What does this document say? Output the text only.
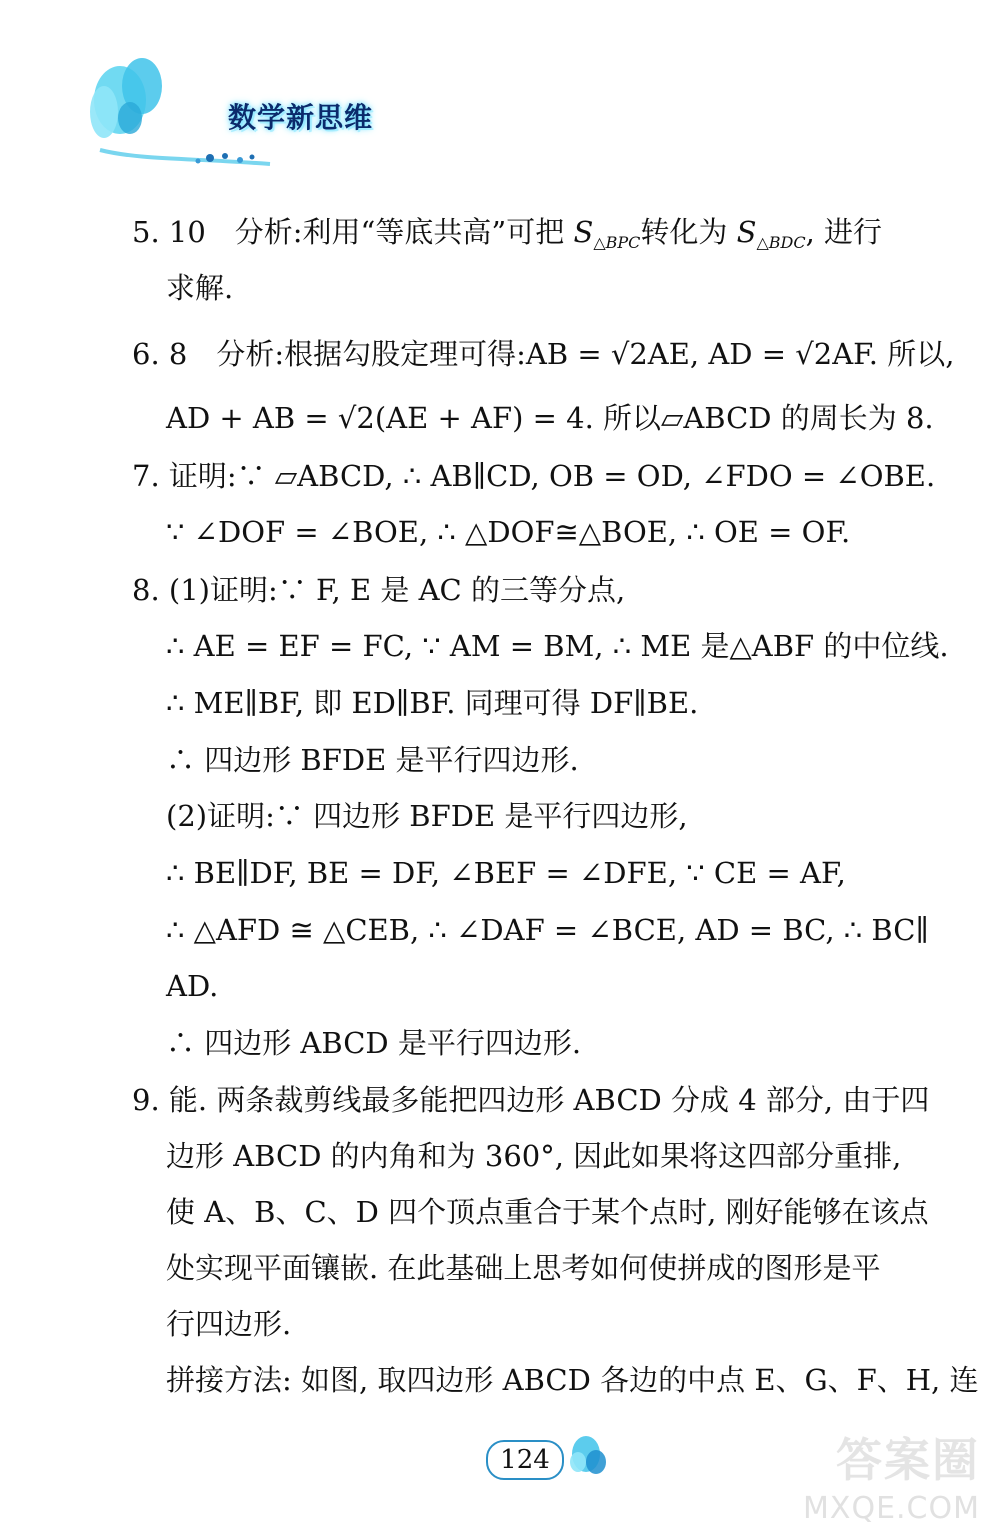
数学新思维
5. 10　分析:利用“等底共高”可把 $S_{\triangle BPC}$转化为 $S_{\triangle BDC}$, 进行
求解.
6. 8　分析:根据勾股定理可得:AB = √2AE, AD = √2AF. 所以,
AD + AB = √2(AE + AF) = 4. 所以▱ABCD 的周长为 8.
7. 证明:∵ ▱ABCD, ∴ AB∥CD, OB = OD, ∠FDO = ∠OBE.
∵ ∠DOF = ∠BOE, ∴ △DOF≅△BOE, ∴ OE = OF.
8. (1)证明:∵ F, E 是 AC 的三等分点,
∴ AE = EF = FC, ∵ AM = BM, ∴ ME 是△ABF 的中位线.
∴ ME∥BF, 即 ED∥BF. 同理可得 DF∥BE.
∴ 四边形 BFDE 是平行四边形.
(2)证明:∵ 四边形 BFDE 是平行四边形,
∴ BE∥DF, BE = DF, ∠BEF = ∠DFE, ∵ CE = AF,
∴ △AFD ≅ △CEB, ∴ ∠DAF = ∠BCE, AD = BC, ∴ BC∥
AD.
∴ 四边形 ABCD 是平行四边形.
9. 能. 两条裁剪线最多能把四边形 ABCD 分成 4 部分, 由于四
边形 ABCD 的内角和为 360°, 因此如果将这四部分重排,
使 A、B、C、D 四个顶点重合于某个点时, 刚好能够在该点
处实现平面镶嵌. 在此基础上思考如何使拼成的图形是平
行四边形.
拼接方法: 如图, 取四边形 ABCD 各边的中点 E、G、F、H, 连
124	答案圈
MXQE.COM
